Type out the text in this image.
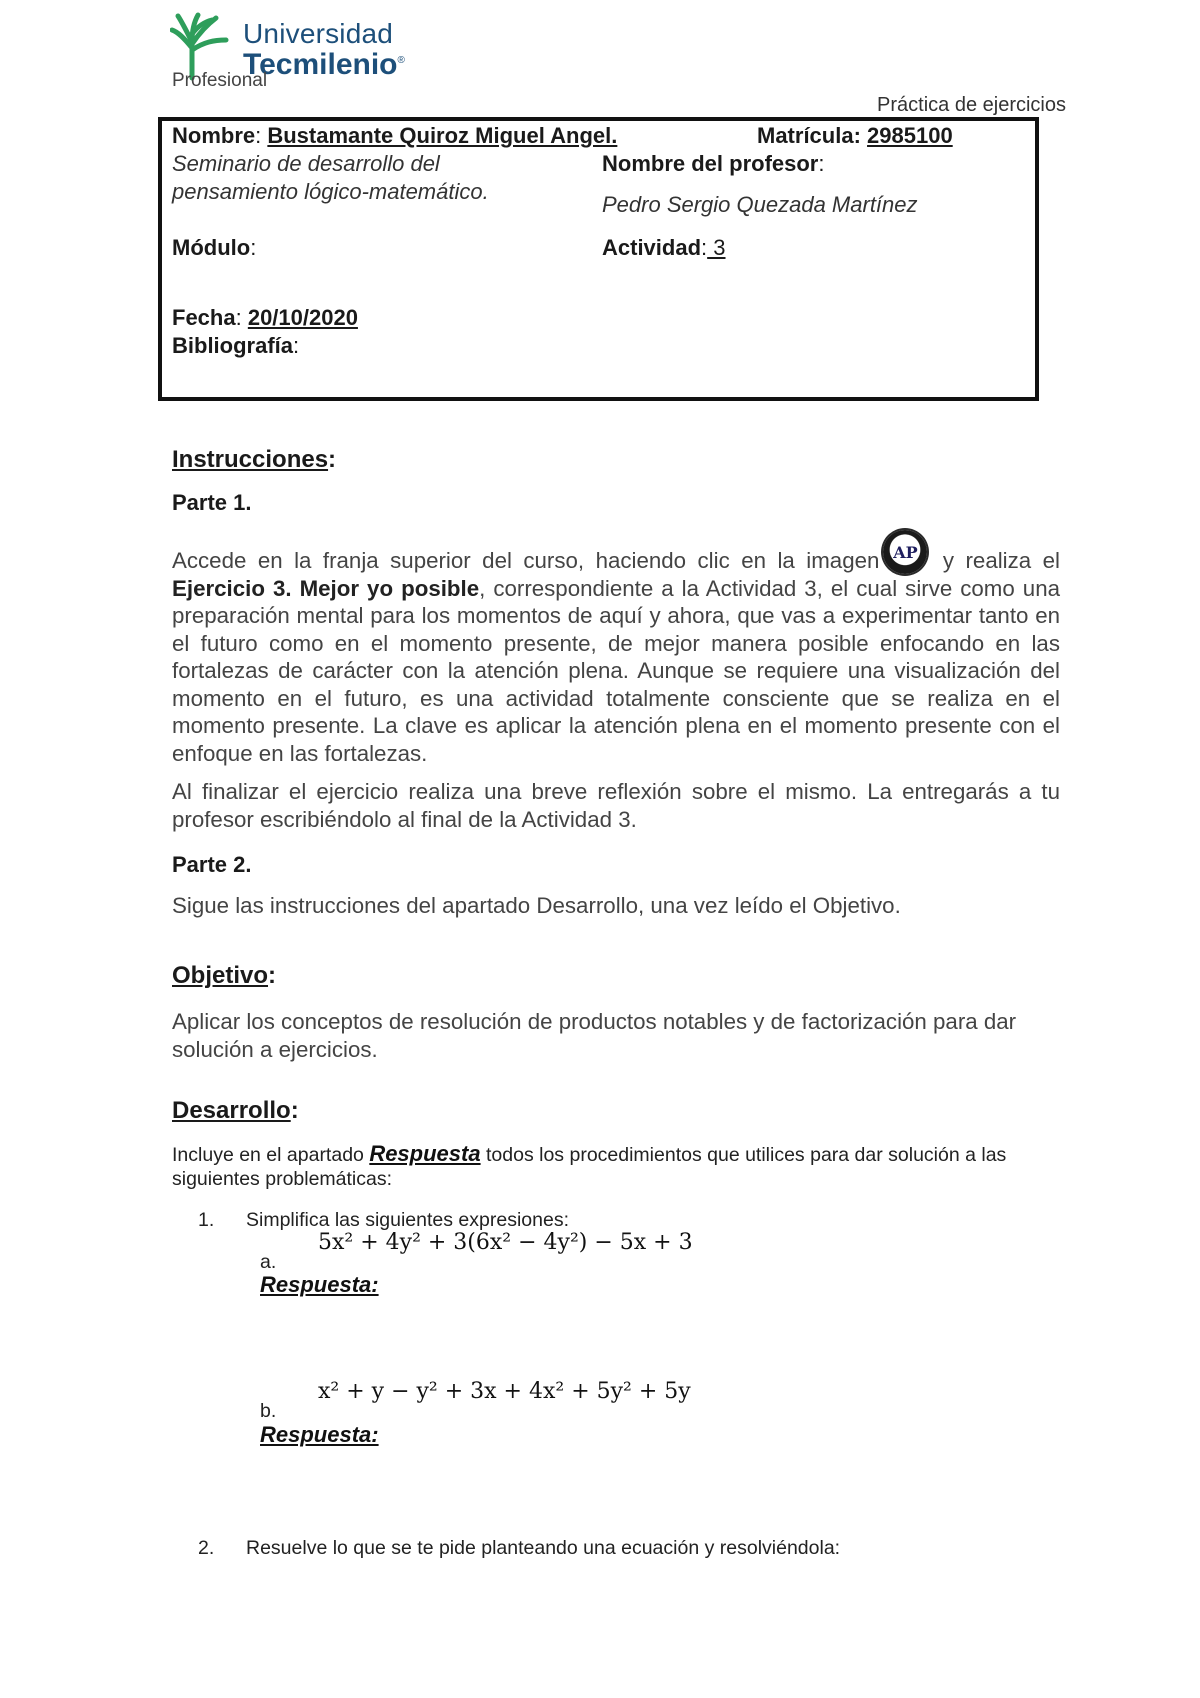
Universidad
Tecmilenio®
Profesional
Práctica de ejercicios
Nombre: Bustamante Quiroz Miguel Angel.	Matrícula: 2985100
Seminario de desarrollo del
pensamiento lógico-matemático.
Nombre del profesor:
Pedro Sergio Quezada Martínez
Módulo:	Actividad: 3
Fecha: 20/10/2020
Bibliografía:
Instrucciones:
Parte 1.
Accede en la franja superior del curso, haciendo clic en la imagen AP y realiza el Ejercicio 3. Mejor yo posible, correspondiente a la Actividad 3, el cual sirve como una preparación mental para los momentos de aquí y ahora, que vas a experimentar tanto en el futuro como en el momento presente, de mejor manera posible enfocando en las fortalezas de carácter con la atención plena. Aunque se requiere una visualización del momento en el futuro, es una actividad totalmente consciente que se realiza en el momento presente. La clave es aplicar la atención plena en el momento presente con el enfoque en las fortalezas.
Al finalizar el ejercicio realiza una breve reflexión sobre el mismo. La entregarás a tu profesor escribiéndolo al final de la Actividad 3.
Parte 2.
Sigue las instrucciones del apartado Desarrollo, una vez leído el Objetivo.
Objetivo:
Aplicar los conceptos de resolución de productos notables y de factorización para dar solución a ejercicios.
Desarrollo:
Incluye en el apartado Respuesta todos los procedimientos que utilices para dar solución a las siguientes problemáticas:
1. Simplifica las siguientes expresiones:
a.
5x² + 4y² + 3(6x² − 4y²) − 5x + 3
Respuesta:
b.
x² + y − y² + 3x + 4x² + 5y² + 5y
Respuesta:
2. Resuelve lo que se te pide planteando una ecuación y resolviéndola:
